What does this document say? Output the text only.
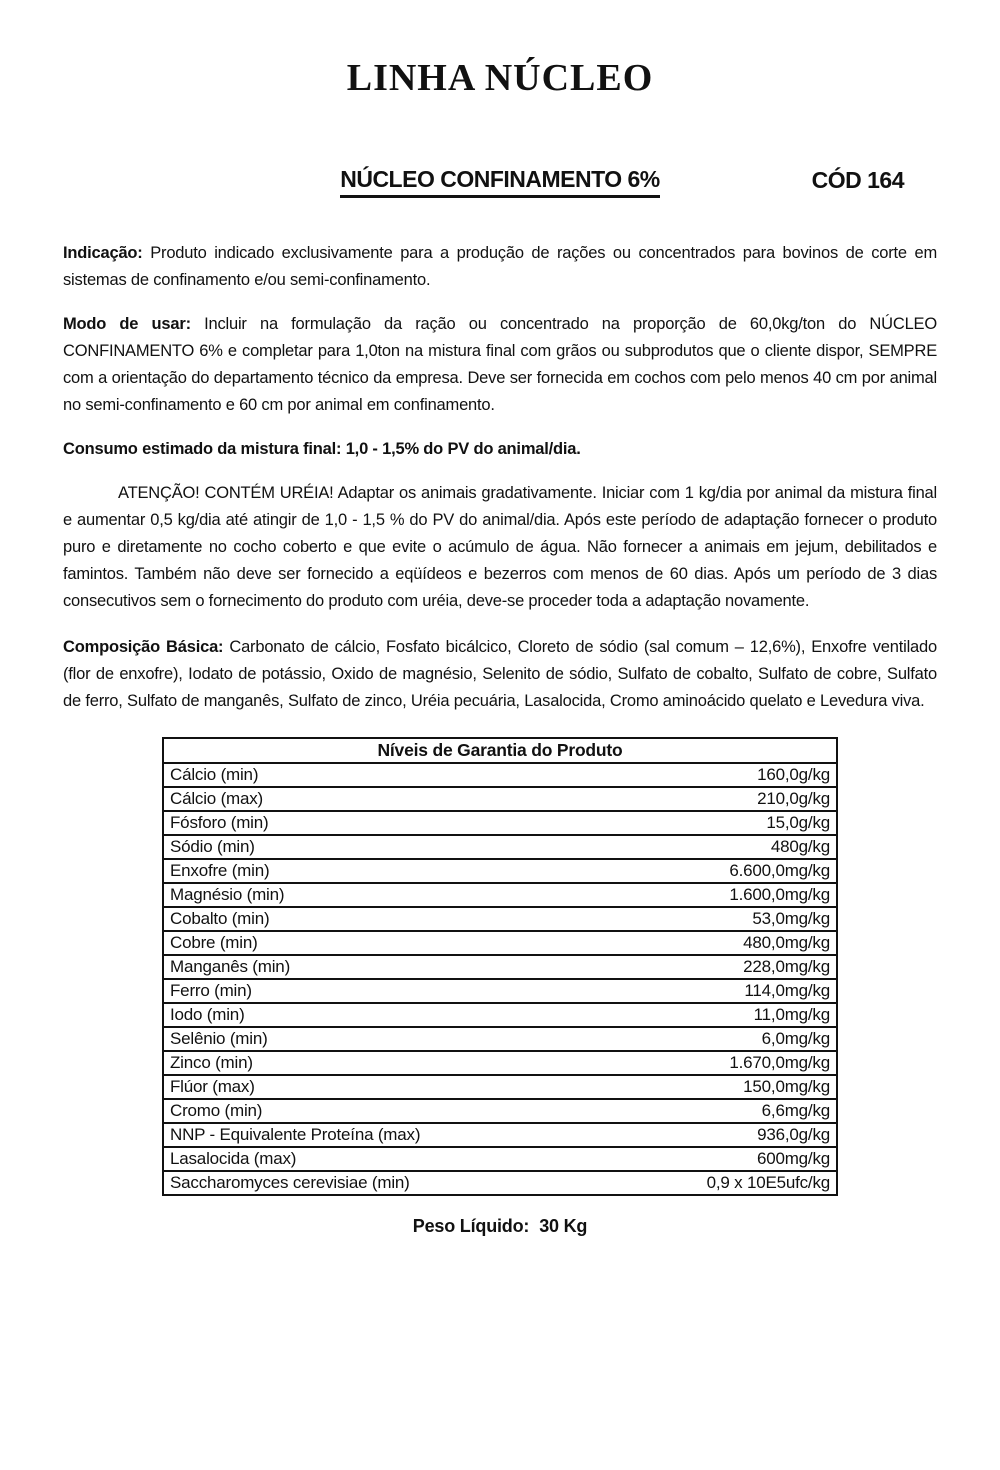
LINHA NÚCLEO
NÚCLEO CONFINAMENTO 6%	CÓD 164

Indicação: Produto indicado exclusivamente para a produção de rações ou concentrados para bovinos de corte em sistemas de confinamento e/ou semi-confinamento.

Modo de usar: Incluir na formulação da ração ou concentrado na proporção de 60,0kg/ton do NÚCLEO CONFINAMENTO 6% e completar para 1,0ton na mistura final com grãos ou subprodutos que o cliente dispor, SEMPRE com a orientação do departamento técnico da empresa. Deve ser fornecida em cochos com pelo menos 40 cm por animal no semi-confinamento e 60 cm por animal em confinamento.

Consumo estimado da mistura final: 1,0 - 1,5% do PV do animal/dia.

ATENÇÃO! CONTÉM URÉIA! Adaptar os animais gradativamente. Iniciar com 1 kg/dia por animal da mistura final e aumentar 0,5 kg/dia até atingir de 1,0 - 1,5 % do PV do animal/dia. Após este período de adaptação fornecer o produto puro e diretamente no cocho coberto e que evite o acúmulo de água. Não fornecer a animais em jejum, debilitados e famintos. Também não deve ser fornecido a eqüídeos e bezerros com menos de 60 dias. Após um período de 3 dias consecutivos sem o fornecimento do produto com uréia, deve-se proceder toda a adaptação novamente.

Composição Básica: Carbonato de cálcio, Fosfato bicálcico, Cloreto de sódio (sal comum – 12,6%), Enxofre ventilado (flor de enxofre), Iodato de potássio, Oxido de magnésio, Selenito de sódio, Sulfato de cobalto, Sulfato de cobre, Sulfato de ferro, Sulfato de manganês, Sulfato de zinco, Uréia pecuária, Lasalocida, Cromo aminoácido quelato e Levedura viva.

Níveis de Garantia do Produto
Cálcio (min)	160,0g/kg
Cálcio (max)	210,0g/kg
Fósforo (min)	15,0g/kg
Sódio (min)	480g/kg
Enxofre (min)	6.600,0mg/kg
Magnésio (min)	1.600,0mg/kg
Cobalto (min)	53,0mg/kg
Cobre (min)	480,0mg/kg
Manganês (min)	228,0mg/kg
Ferro (min)	114,0mg/kg
Iodo (min)	11,0mg/kg
Selênio (min)	6,0mg/kg
Zinco (min)	1.670,0mg/kg
Flúor (max)	150,0mg/kg
Cromo (min)	6,6mg/kg
NNP - Equivalente Proteína (max)	936,0g/kg
Lasalocida (max)	600mg/kg
Saccharomyces cerevisiae (min)	0,9 x 10E5ufc/kg
Peso Líquido: 30 Kg
